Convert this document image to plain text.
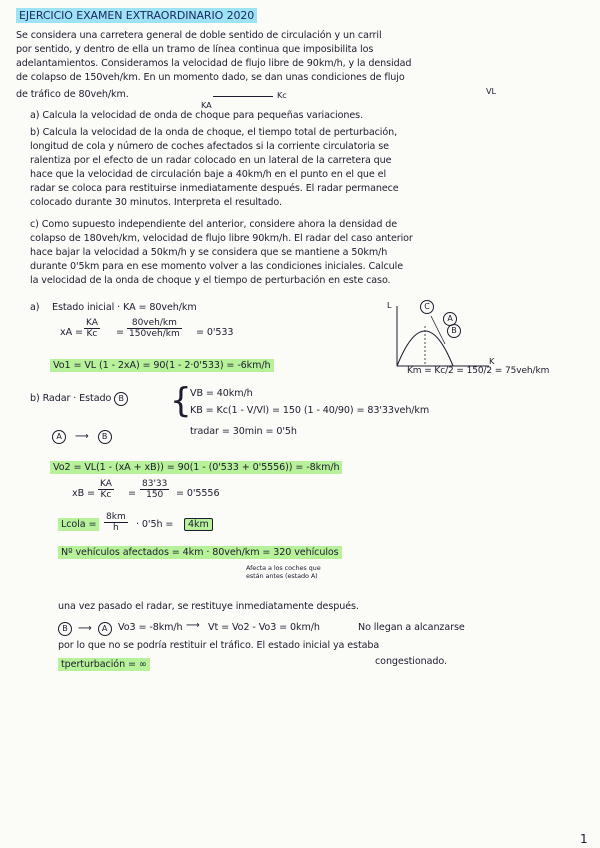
EJERCICIO EXAMEN EXTRAORDINARIO 2020
Se considera una carretera general de doble sentido de circulación y un carril
por sentido, y dentro de ella un tramo de línea continua que imposibilita los
adelantamientos. Consideramos la velocidad de flujo libre de 90km/h, y la densidad
de colapso de 150veh/km. En un momento dado, se dan unas condiciones de flujo
de tráfico de 80veh/km.
KA
Kc	VL
a) Calcula la velocidad de onda de choque para pequeñas variaciones.
b) Calcula la velocidad de la onda de choque, el tiempo total de perturbación,
longitud de cola y número de coches afectados si la corriente circulatoria se
ralentiza por el efecto de un radar colocado en un lateral de la carretera que
hace que la velocidad de circulación baje a 40km/h en el punto en el que el
radar se coloca para restituirse inmediatamente después. El radar permanece
colocado durante 30 minutos. Interpreta el resultado.
c) Como supuesto independiente del anterior, considere ahora la densidad de
colapso de 180veh/km, velocidad de flujo libre 90km/h. El radar del caso anterior
hace bajar la velocidad a 50km/h y se considera que se mantiene a 50km/h
durante 0'5km para en ese momento volver a las condiciones iniciales. Calcule
la velocidad de la onda de choque y el tiempo de perturbación en este caso.
a) Estado inicial · KA = 80veh/km
xA = $\frac{KA}{Kc}$ =
80veh/km
150veh/km = 0'533
Vo1 = VL (1 - 2xA) = 90(1 - 2·0'533) = -6km/h
L
K
C
A
B
Km = Kc/2 = 150/2 = 75veh/km
b) Radar · Estado B {
VB = 40km/h
KB = Kc(1 - V/Vl) = 150 (1 - 40/90) = 83'33veh/km
tradar = 30min = 0'5h
A ⟶ B
Vo2 = VL(1 - (xA + xB)) = 90(1 - (0'533 + 0'5556)) = -8km/h
xB = $\frac{KA}{Kc} = \frac{83'33}{150} = 0'5556$
Lcola = $\frac{8km}{h} \cdot 0'5h$ =	4km
Nº vehículos afectados = 4km · 80veh/km = 320 vehículos
Afecta a los coches que están antes (estado A)
una vez pasado el radar, se restituye inmediatamente después.
B ⟶ A	Vo3 = -8km/h ⟶ Vt = Vo2 - Vo3 = 0km/h	No llegan a alcanzarse
por lo que no se podría restituir el tráfico. El estado inicial ya estaba
congestionado.
tperturbación = ∞
1
